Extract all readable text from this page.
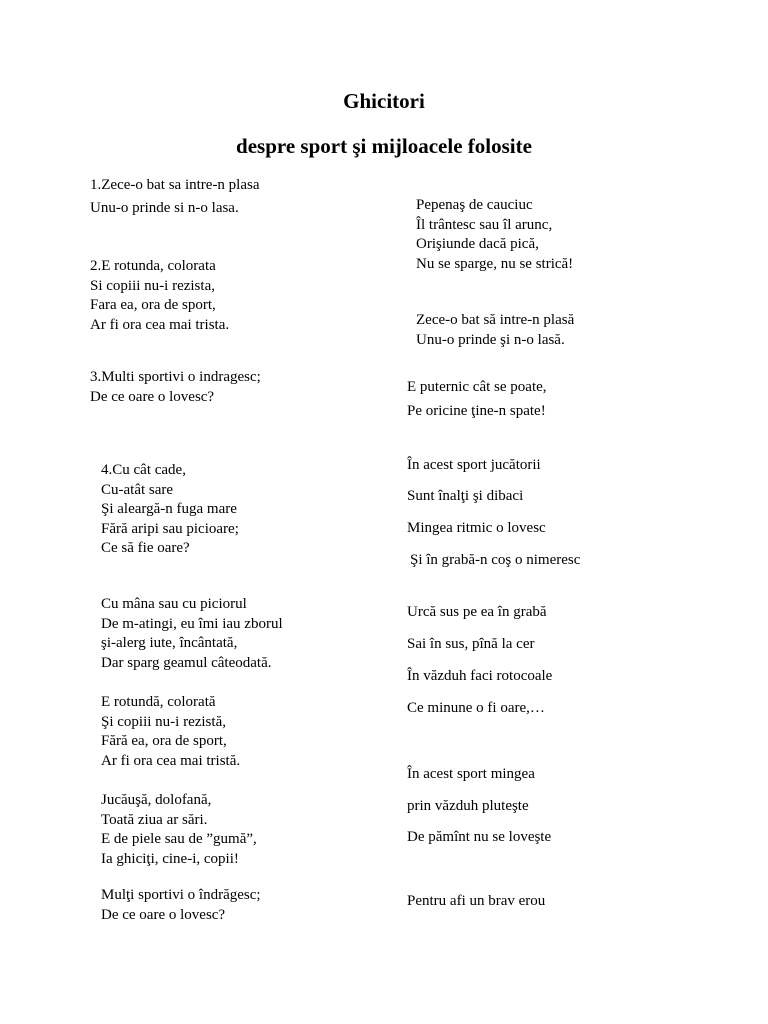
Ghicitori
despre sport şi mijloacele folosite
1.Zece-o bat sa intre-n plasa
Unu-o prinde si n-o lasa.
2.E rotunda, colorata
Si copiii nu-i rezista,
Fara ea, ora de sport,
Ar fi ora cea mai trista.
3.Multi sportivi o indragesc;
De ce oare o lovesc?
4.Cu cât cade,
Cu-atât sare
Şi aleargă-n fuga mare
Fără aripi sau picioare;
Ce să fie oare?
Cu mâna sau cu piciorul
De m-atingi, eu îmi iau zborul
şi-alerg iute, încântată,
Dar sparg geamul câteodată.
E rotundă, colorată
Şi copiii nu-i rezistă,
Fără ea, ora de sport,
Ar fi ora cea mai tristă.
Jucăuşă, dolofană,
Toată ziua ar sări.
E de piele sau de ”gumă”,
Ia ghiciţi, cine-i, copii!
Mulţi sportivi o îndrăgesc;
De ce oare o lovesc?
Pepenaş de cauciuc
Îl trântesc sau îl arunc,
Orişiunde dacă pică,
Nu se sparge, nu se strică!
Zece-o bat să intre-n plasă
Unu-o prinde şi n-o lasă.
E puternic cât se poate,
Pe oricine ţine-n spate!
În acest sport jucătorii
Sunt înalţi şi dibaci
Mingea ritmic o lovesc
Şi în grabă-n coş o nimeresc
Urcă sus pe ea în grabă
Sai în sus, pînă la cer
În văzduh faci rotocoale
Ce minune o fi oare,…
În acest sport mingea
prin văzduh pluteşte
De pămînt nu se loveşte
Pentru afi un brav erou
